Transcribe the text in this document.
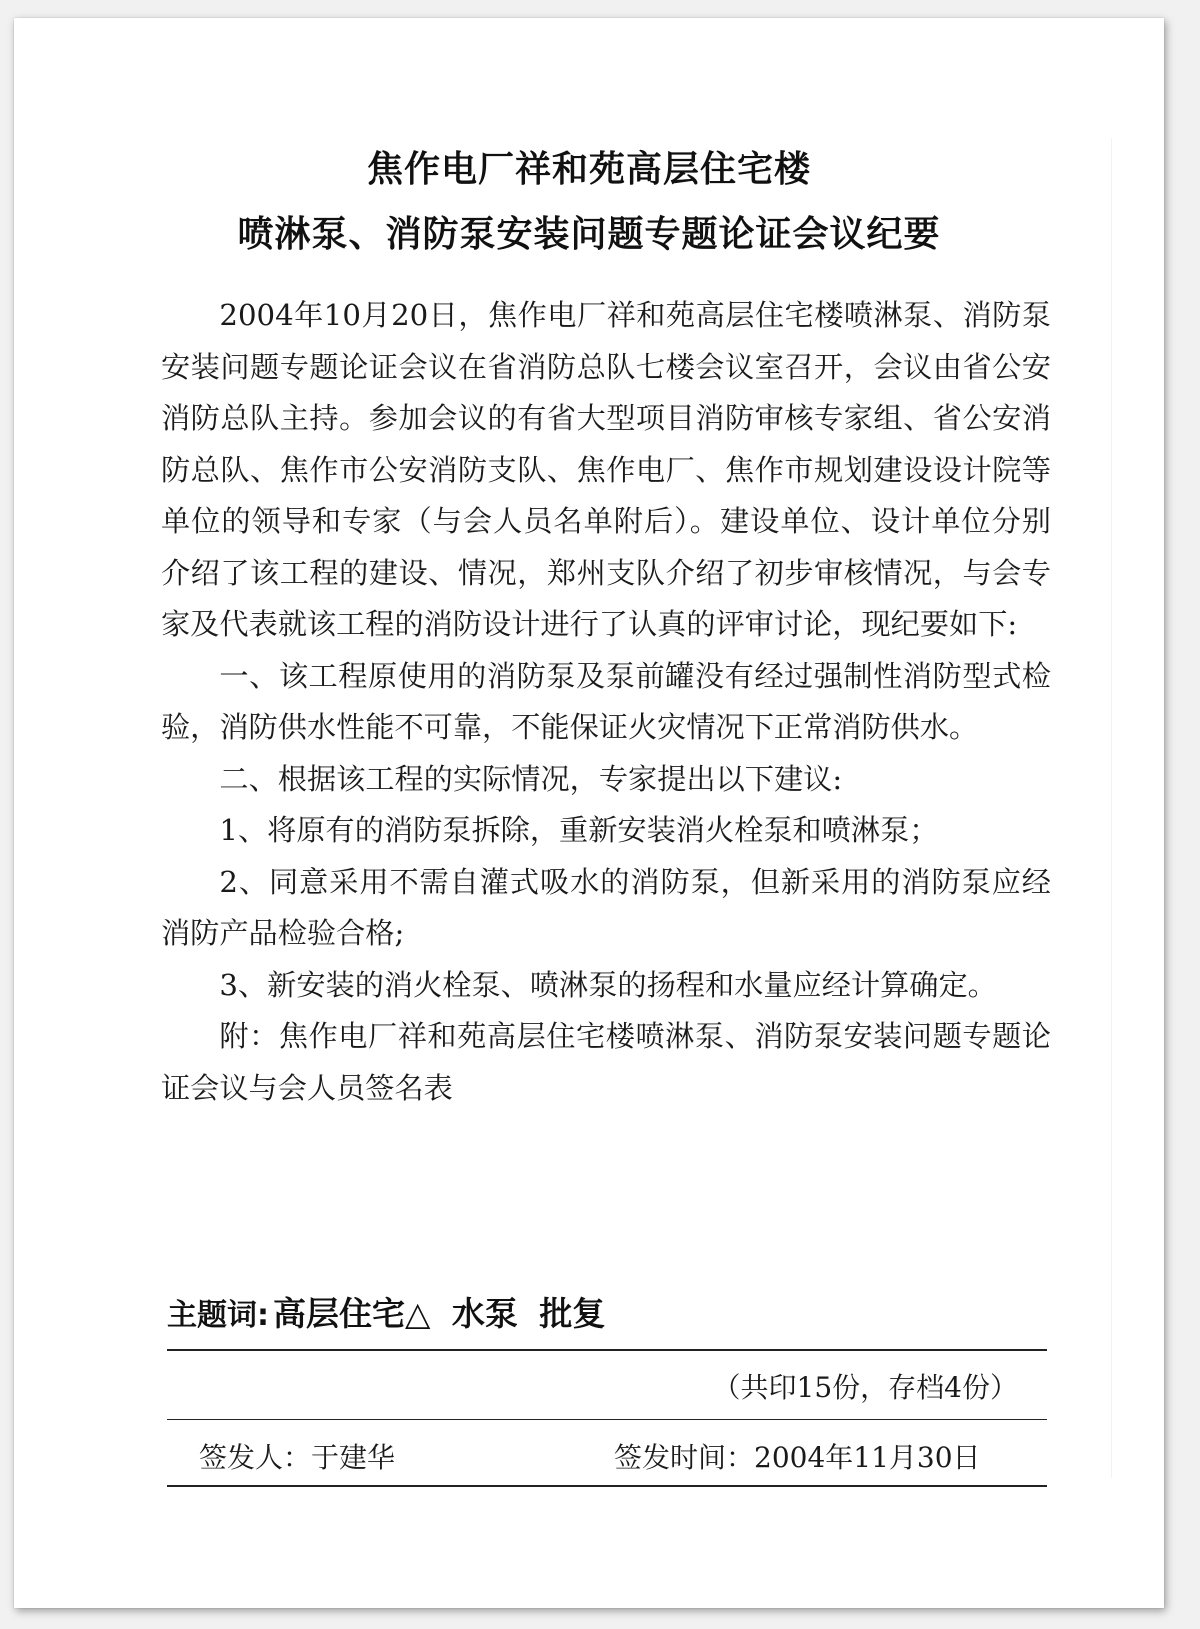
焦作电厂祥和苑高层住宅楼
喷淋泵、消防泵安装问题专题论证会议纪要

2004年10月20日，焦作电厂祥和苑高层住宅楼喷淋泵、消防泵安装问题专题论证会议在省消防总队七楼会议室召开，会议由省公安消防总队主持。参加会议的有省大型项目消防审核专家组、省公安消防总队、焦作市公安消防支队、焦作电厂、焦作市规划建设设计院等单位的领导和专家（与会人员名单附后）。建设单位、设计单位分别介绍了该工程的建设、情况，郑州支队介绍了初步审核情况，与会专家及代表就该工程的消防设计进行了认真的评审讨论，现纪要如下:

一、该工程原使用的消防泵及泵前罐没有经过强制性消防型式检验，消防供水性能不可靠，不能保证火灾情况下正常消防供水。

二、根据该工程的实际情况，专家提出以下建议:

1、将原有的消防泵拆除，重新安装消火栓泵和喷淋泵；

2、同意采用不需自灌式吸水的消防泵，但新采用的消防泵应经消防产品检验合格;

3、新安装的消火栓泵、喷淋泵的扬程和水量应经计算确定。

附：焦作电厂祥和苑高层住宅楼喷淋泵、消防泵安装问题专题论证会议与会人员签名表

主题词: 高层住宅△ 水泵 批复
（共印15份，存档4份）
签发人：于建华	签发时间：2004年11月30日
